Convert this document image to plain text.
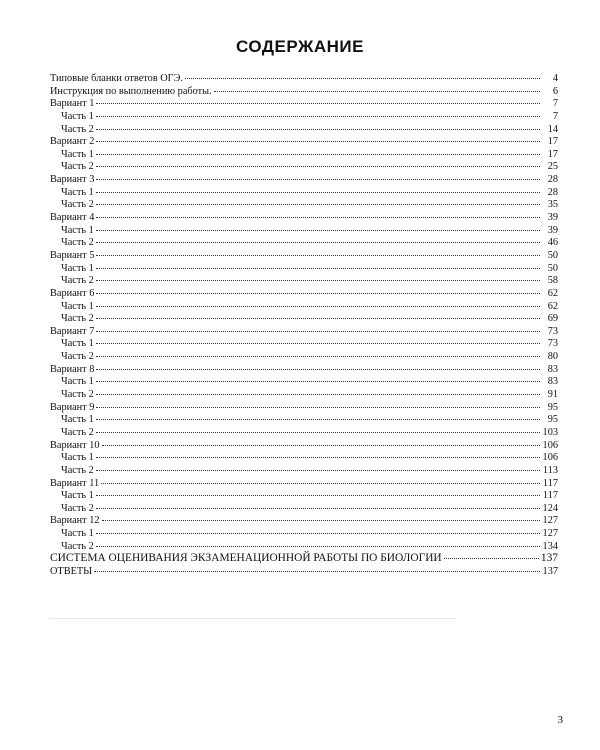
СОДЕРЖАНИЕ
Типовые бланки ответов ОГЭ.	4
Инструкция по выполнению работы.	6
Вариант 1	7
Часть 1	7
Часть 2	14
Вариант 2	17
Часть 1	17
Часть 2	25
Вариант 3	28
Часть 1	28
Часть 2	35
Вариант 4	39
Часть 1	39
Часть 2	46
Вариант 5	50
Часть 1	50
Часть 2	58
Вариант 6	62
Часть 1	62
Часть 2	69
Вариант 7	73
Часть 1	73
Часть 2	80
Вариант 8	83
Часть 1	83
Часть 2	91
Вариант 9	95
Часть 1	95
Часть 2	103
Вариант 10	106
Часть 1	106
Часть 2	113
Вариант 11	117
Часть 1	117
Часть 2	124
Вариант 12	127
Часть 1	127
Часть 2	134
СИСТЕМА ОЦЕНИВАНИЯ ЭКЗАМЕНАЦИОННОЙ РАБОТЫ ПО БИОЛОГИИ	137
ОТВЕТЫ	137
3
